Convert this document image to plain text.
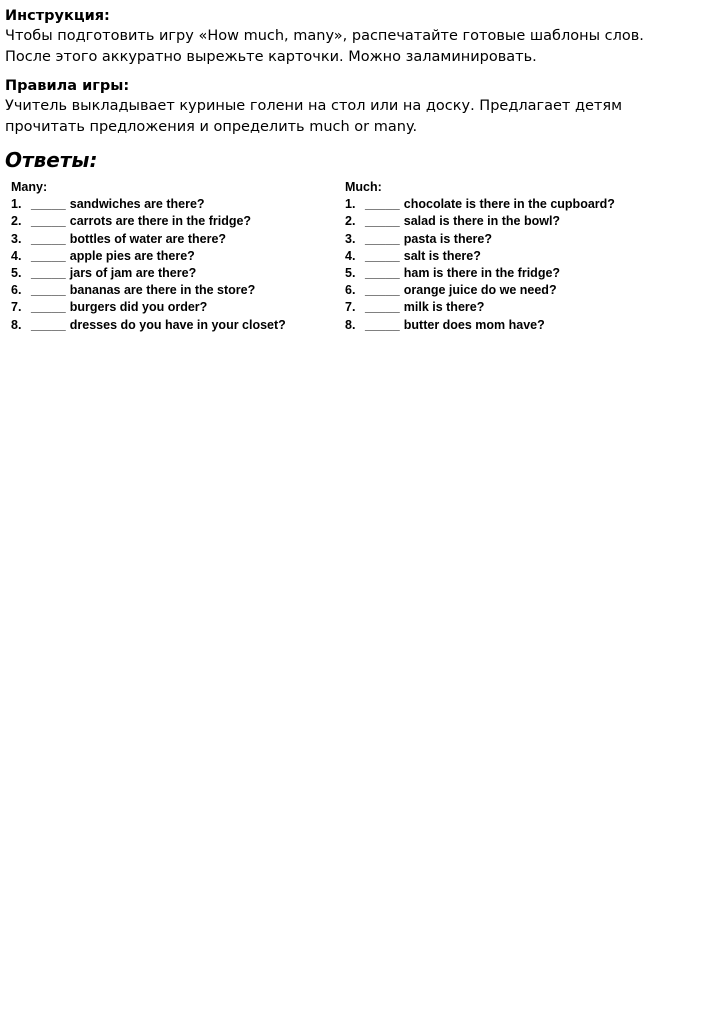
Инструкция:

Чтобы подготовить игру «How much, many», распечатайте готовые шаблоны слов.
После этого аккуратно вырежьте карточки. Можно заламинировать.

Правила игры:

Учитель выкладывает куриные голени на стол или на доску. Предлагает детям
прочитать предложения и определить much or many.

Ответы:
Many:
1. _____ sandwiches are there?
2. _____ carrots are there in the fridge?
3. _____ bottles of water are there?
4. _____ apple pies are there?
5. _____ jars of jam are there?
6. _____ bananas are there in the store?
7. _____ burgers did you order?
8. _____ dresses do you have in your closet?
Much:
1. _____ chocolate is there in the cupboard?
2. _____ salad is there in the bowl?
3. _____ pasta is there?
4. _____ salt is there?
5. _____ ham is there in the fridge?
6. _____ orange juice do we need?
7. _____ milk is there?
8. _____ butter does mom have?
